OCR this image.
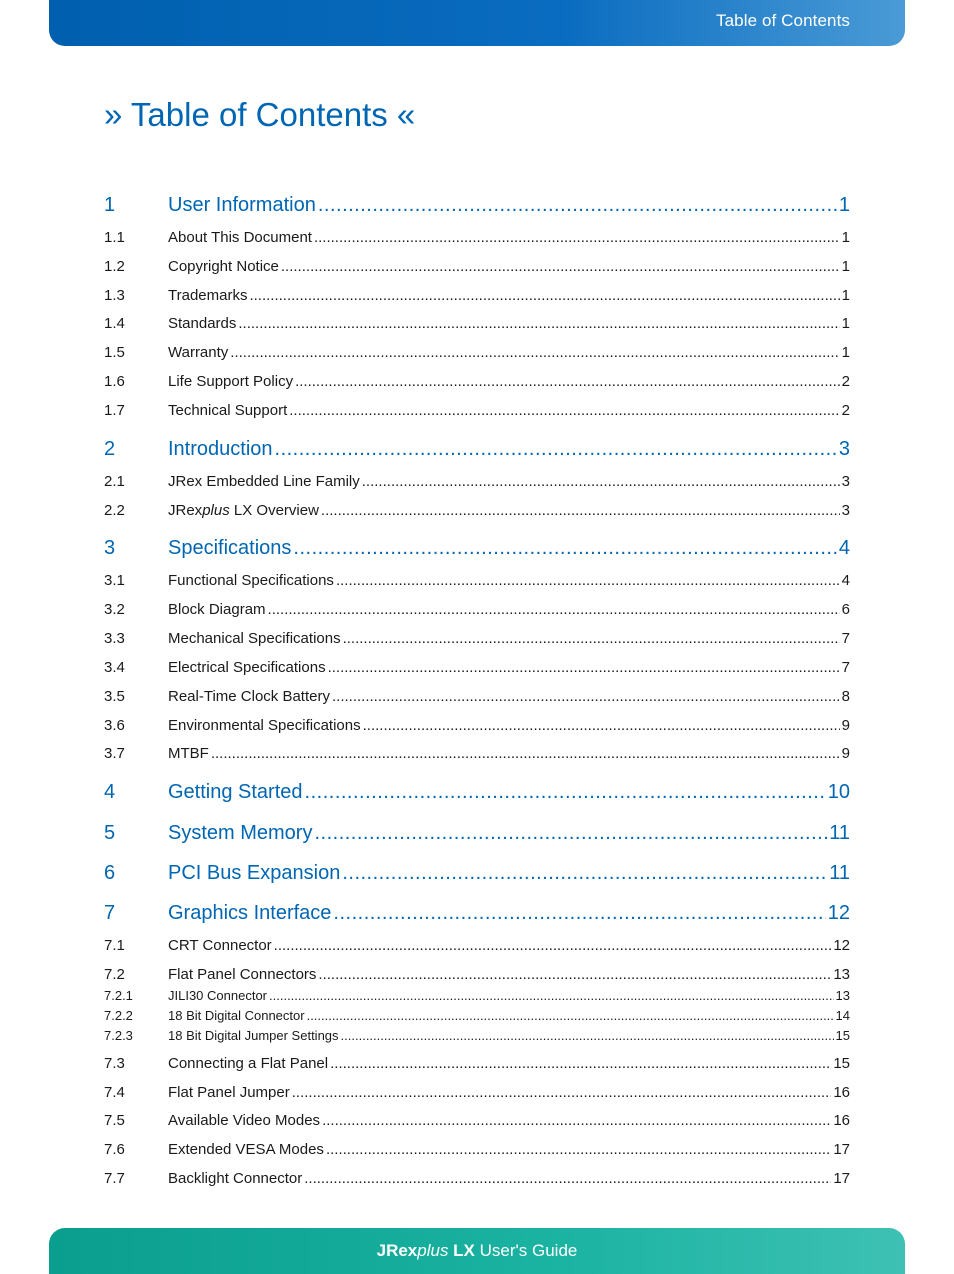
Table of Contents
» Table of Contents «
1	User Information .....	1
1.1	About This Document .....	1
1.2	Copyright Notice .....	1
1.3	Trademarks .....	1
1.4	Standards .....	1
1.5	Warranty .....	1
1.6	Life Support Policy .....	2
1.7	Technical Support .....	2
2	Introduction .....	3
2.1	JRex Embedded Line Family .....	3
2.2	JRexplus LX Overview .....	3
3	Specifications .....	4
3.1	Functional Specifications .....	4
3.2	Block Diagram .....	6
3.3	Mechanical Specifications .....	7
3.4	Electrical Specifications .....	7
3.5	Real-Time Clock Battery .....	8
3.6	Environmental Specifications .....	9
3.7	MTBF .....	9
4	Getting Started .....	10
5	System Memory .....	11
6	PCI Bus Expansion .....	11
7	Graphics Interface .....	12
7.1	CRT Connector .....	12
7.2	Flat Panel Connectors .....	13
7.2.1	JILI30 Connector .....	13
7.2.2	18 Bit Digital Connector .....	14
7.2.3	18 Bit Digital Jumper Settings .....	15
7.3	Connecting a Flat Panel .....	15
7.4	Flat Panel Jumper .....	16
7.5	Available Video Modes .....	16
7.6	Extended VESA Modes .....	17
7.7	Backlight Connector .....	17
JRexplus LX User's Guide
